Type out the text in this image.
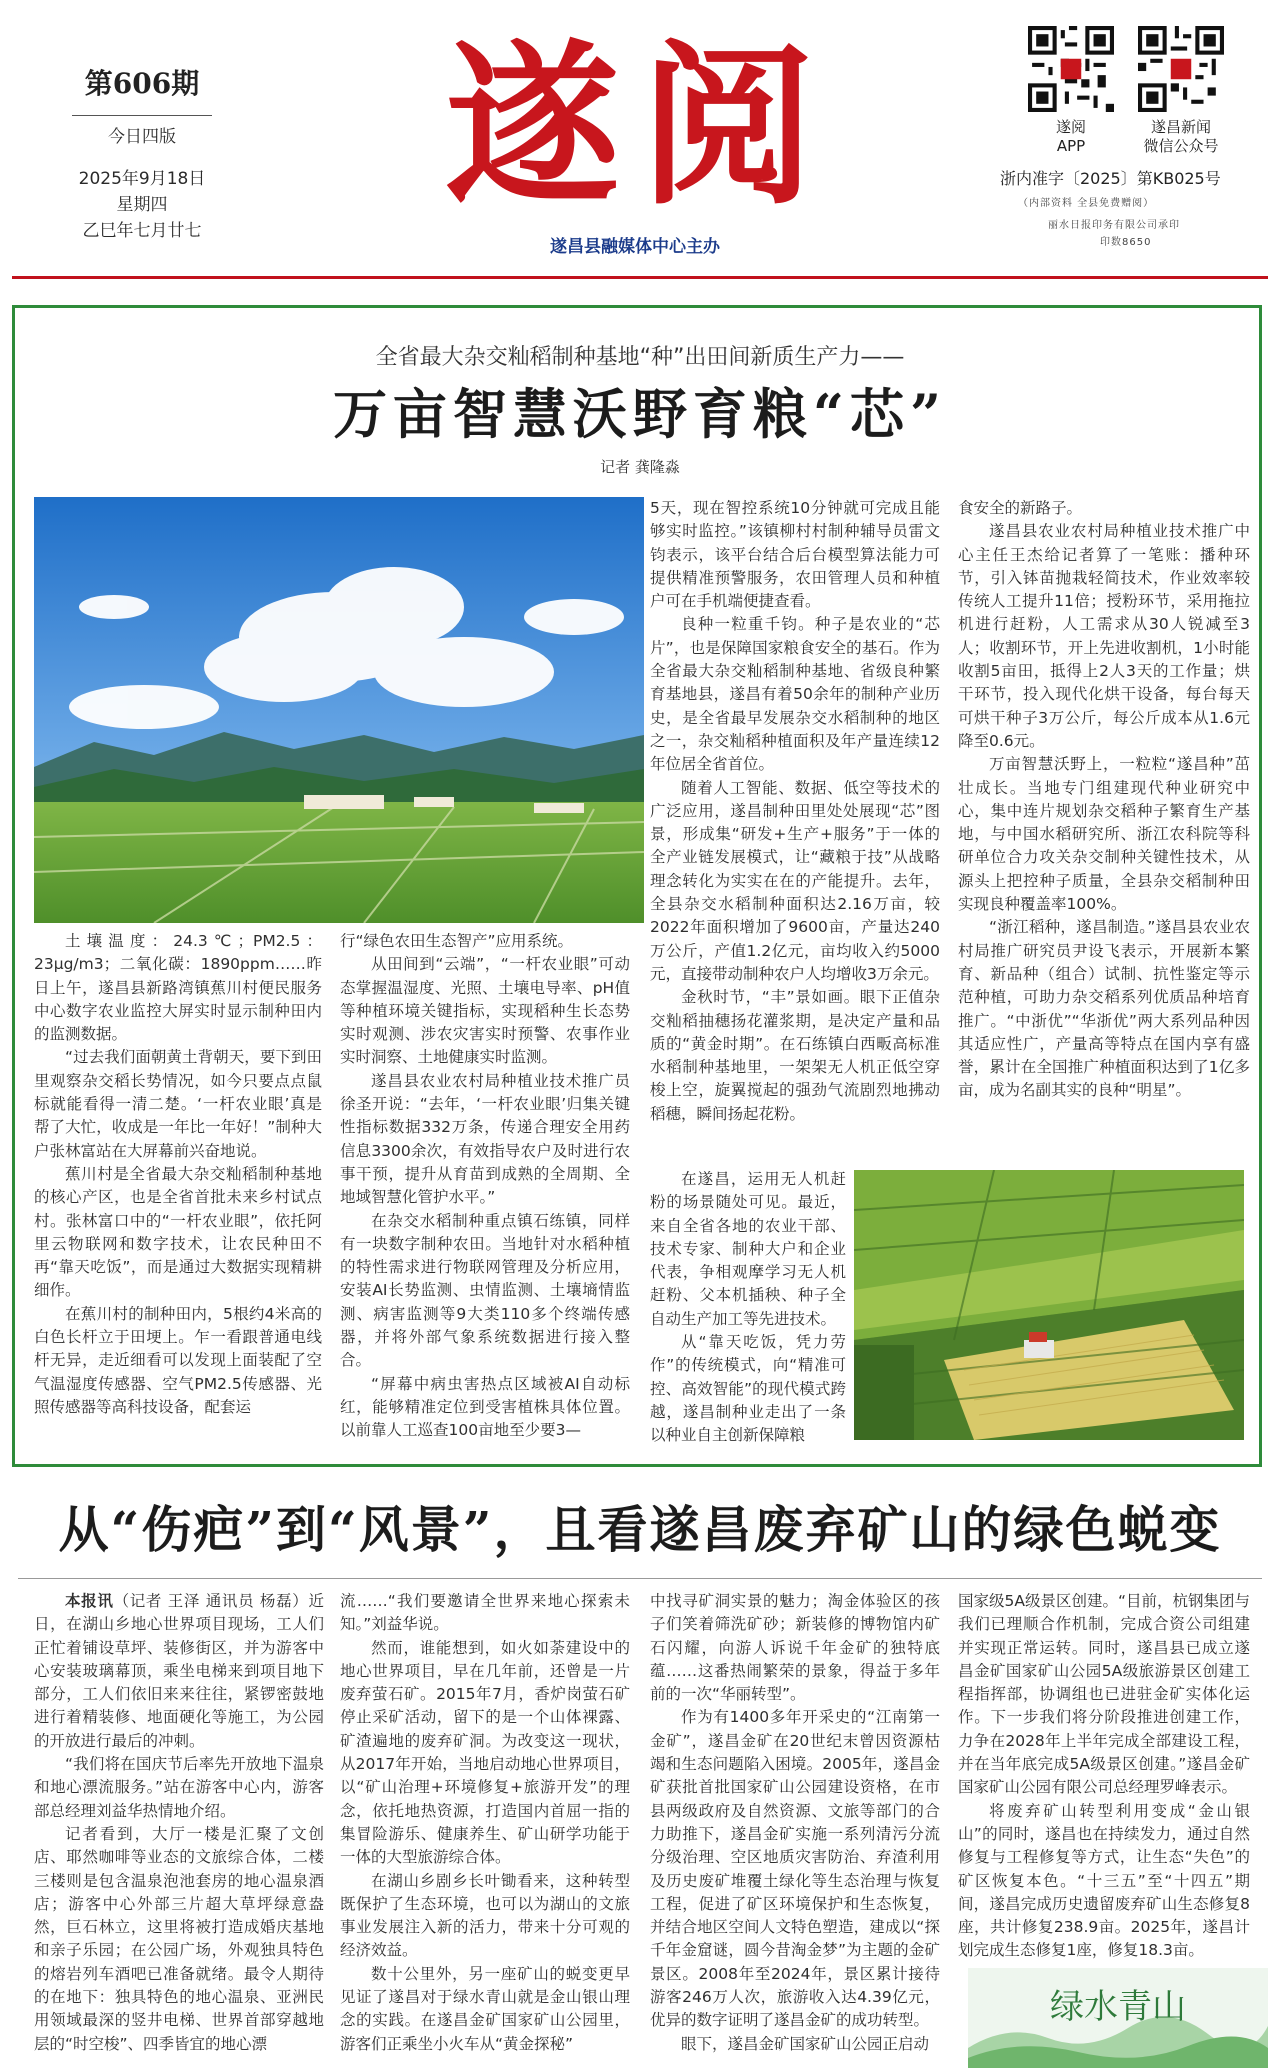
第606期
今日四版
2025年9月18日
星期四
乙巳年七月廿七
遂阅
遂昌县融媒体中心主办
遂阅
APP
遂昌新闻
微信公众号
浙内准字〔2025〕第KB025号
（内部资料 全县免费赠阅）
丽水日报印务有限公司承印
印数8650
全省最大杂交籼稻制种基地“种”出田间新质生产力——
万亩智慧沃野育粮“芯”
记者 龚隆淼

土壤温度：24.3℃；PM2.5：23μg/m3；二氧化碳：1890ppm……昨日上午，遂昌县新路湾镇蕉川村便民服务中心数字农业监控大屏实时显示制种田内的监测数据。

“过去我们面朝黄土背朝天，要下到田里观察杂交稻长势情况，如今只要点点鼠标就能看得一清二楚。‘一杆农业眼’真是帮了大忙，收成是一年比一年好！”制种大户张林富站在大屏幕前兴奋地说。

蕉川村是全省最大杂交籼稻制种基地的核心产区，也是全省首批未来乡村试点村。张林富口中的“一杆农业眼”，依托阿里云物联网和数字技术，让农民种田不再“靠天吃饭”，而是通过大数据实现精耕细作。

在蕉川村的制种田内，5根约4米高的白色长杆立于田埂上。乍一看跟普通电线杆无异，走近细看可以发现上面装配了空气温湿度传感器、空气PM2.5传感器、光照传感器等高科技设备，配套运

行“绿色农田生态智产”应用系统。

从田间到“云端”，“一杆农业眼”可动态掌握温湿度、光照、土壤电导率、pH值等种植环境关键指标，实现稻种生长态势实时观测、涉农灾害实时预警、农事作业实时洞察、土地健康实时监测。

遂昌县农业农村局种植业技术推广员徐圣开说：“去年，‘一杆农业眼’归集关键性指标数据332万条，传递合理安全用药信息3300余次，有效指导农户及时进行农事干预，提升从育苗到成熟的全周期、全地域智慧化管护水平。”

在杂交水稻制种重点镇石练镇，同样有一块数字制种农田。当地针对水稻种植的特性需求进行物联网管理及分析应用，安装AI长势监测、虫情监测、土壤墒情监测、病害监测等9大类110多个终端传感器，并将外部气象系统数据进行接入整合。

“屏幕中病虫害热点区域被AI自动标红，能够精准定位到受害植株具体位置。以前靠人工巡查100亩地至少要3—

5天，现在智控系统10分钟就可完成且能够实时监控。”该镇柳村村制种辅导员雷文钧表示，该平台结合后台模型算法能力可提供精准预警服务，农田管理人员和种植户可在手机端便捷查看。

良种一粒重千钧。种子是农业的“芯片”，也是保障国家粮食安全的基石。作为全省最大杂交籼稻制种基地、省级良种繁育基地县，遂昌有着50余年的制种产业历史，是全省最早发展杂交水稻制种的地区之一，杂交籼稻种植面积及年产量连续12年位居全省首位。

随着人工智能、数据、低空等技术的广泛应用，遂昌制种田里处处展现“芯”图景，形成集“研发+生产+服务”于一体的全产业链发展模式，让“藏粮于技”从战略理念转化为实实在在的产能提升。去年，全县杂交水稻制种面积达2.16万亩，较2022年面积增加了9600亩，产量达240万公斤，产值1.2亿元，亩均收入约5000元，直接带动制种农户人均增收3万余元。

金秋时节，“丰”景如画。眼下正值杂交籼稻抽穗扬花灌浆期，是决定产量和品质的“黄金时期”。在石练镇白西畈高标准水稻制种基地里，一架架无人机正低空穿梭上空，旋翼搅起的强劲气流剧烈地拂动稻穗，瞬间扬起花粉。

在遂昌，运用无人机赶粉的场景随处可见。最近，来自全省各地的农业干部、技术专家、制种大户和企业代表，争相观摩学习无人机赶粉、父本机插秧、种子全自动生产加工等先进技术。

从“靠天吃饭，凭力劳作”的传统模式，向“精准可控、高效智能”的现代模式跨越，遂昌制种业走出了一条以种业自主创新保障粮

食安全的新路子。

遂昌县农业农村局种植业技术推广中心主任王杰给记者算了一笔账：播种环节，引入钵苗抛栽轻简技术，作业效率较传统人工提升11倍；授粉环节，采用拖拉机进行赶粉，人工需求从30人锐减至3人；收割环节，开上先进收割机，1小时能收割5亩田，抵得上2人3天的工作量；烘干环节，投入现代化烘干设备，每台每天可烘干种子3万公斤，每公斤成本从1.6元降至0.6元。

万亩智慧沃野上，一粒粒“遂昌种”茁壮成长。当地专门组建现代种业研究中心，集中连片规划杂交稻种子繁育生产基地，与中国水稻研究所、浙江农科院等科研单位合力攻关杂交制种关键性技术，从源头上把控种子质量，全县杂交稻制种田实现良种覆盖率100%。

“浙江稻种，遂昌制造。”遂昌县农业农村局推广研究员尹设飞表示，开展新本繁育、新品种（组合）试制、抗性鉴定等示范种植，可助力杂交稻系列优质品种培育推广。“中浙优”“华浙优”两大系列品种因其适应性广，产量高等特点在国内享有盛誉，累计在全国推广种植面积达到了1亿多亩，成为名副其实的良种“明星”。

从“伤疤”到“风景”，且看遂昌废弃矿山的绿色蜕变

本报讯（记者 王泽 通讯员 杨磊）近日，在湖山乡地心世界项目现场，工人们正忙着铺设草坪、装修街区，并为游客中心安装玻璃幕顶，乘坐电梯来到项目地下部分，工人们依旧来来往往，紧锣密鼓地进行着精装修、地面硬化等施工，为公园的开放进行最后的冲刺。

“我们将在国庆节后率先开放地下温泉和地心漂流服务。”站在游客中心内，游客部总经理刘益华热情地介绍。

记者看到，大厅一楼是汇聚了文创店、耶然咖啡等业态的文旅综合体，二楼三楼则是包含温泉泡池套房的地心温泉酒店；游客中心外部三片超大草坪绿意盎然，巨石林立，这里将被打造成婚庆基地和亲子乐园；在公园广场，外观独具特色的熔岩列车酒吧已准备就绪。最令人期待的在地下：独具特色的地心温泉、亚洲民用领域最深的竖井电梯、世界首部穿越地层的“时空梭”、四季皆宜的地心漂

流……“我们要邀请全世界来地心探索未知。”刘益华说。

然而，谁能想到，如火如荼建设中的地心世界项目，早在几年前，还曾是一片废弃萤石矿。2015年7月，香炉岗萤石矿停止采矿活动，留下的是一个山体裸露、矿渣遍地的废弃矿洞。为改变这一现状，从2017年开始，当地启动地心世界项目，以“矿山治理+环境修复+旅游开发”的理念，依托地热资源，打造国内首屈一指的集冒险游乐、健康养生、矿山研学功能于一体的大型旅游综合体。

在湖山乡剧乡长叶锄看来，这种转型既保护了生态环境，也可以为湖山的文旅事业发展注入新的活力，带来十分可观的经济效益。

数十公里外，另一座矿山的蜕变更早见证了遂昌对于绿水青山就是金山银山理念的实践。在遂昌金矿国家矿山公园里，游客们正乘坐小火车从“黄金探秘”

中找寻矿洞实景的魅力；淘金体验区的孩子们笑着筛洗矿砂；新装修的博物馆内矿石闪耀，向游人诉说千年金矿的独特底蕴……这番热闹繁荣的景象，得益于多年前的一次“华丽转型”。

作为有1400多年开采史的“江南第一金矿”，遂昌金矿在20世纪末曾因资源枯竭和生态问题陷入困境。2005年，遂昌金矿获批首批国家矿山公园建设资格，在市县两级政府及自然资源、文旅等部门的合力助推下，遂昌金矿实施一系列清污分流分级治理、空区地质灾害防治、弃渣利用及历史废矿堆覆土绿化等生态治理与恢复工程，促进了矿区环境保护和生态恢复，并结合地区空间人文特色塑造，建成以“探千年金窟谜，圆今昔淘金梦”为主题的金矿景区。2008年至2024年，景区累计接待游客246万人次，旅游收入达4.39亿元，优异的数字证明了遂昌金矿的成功转型。

眼下，遂昌金矿国家矿山公园正启动

国家级5A级景区创建。“目前，杭钢集团与我们已理顺合作机制，完成合资公司组建并实现正常运转。同时，遂昌县已成立遂昌金矿国家矿山公园5A级旅游景区创建工程指挥部，协调组也已进驻金矿实体化运作。下一步我们将分阶段推进创建工作，力争在2028年上半年完成全部建设工程，并在当年底完成5A级景区创建。”遂昌金矿国家矿山公园有限公司总经理罗峰表示。

将废弃矿山转型利用变成“金山银山”的同时，遂昌也在持续发力，通过自然修复与工程修复等方式，让生态“失色”的矿区恢复本色。“十三五”至“十四五”期间，遂昌完成历史遗留废弃矿山生态修复8座，共计修复238.9亩。2025年，遂昌计划完成生态修复1座，修复18.3亩。

绿水青山
